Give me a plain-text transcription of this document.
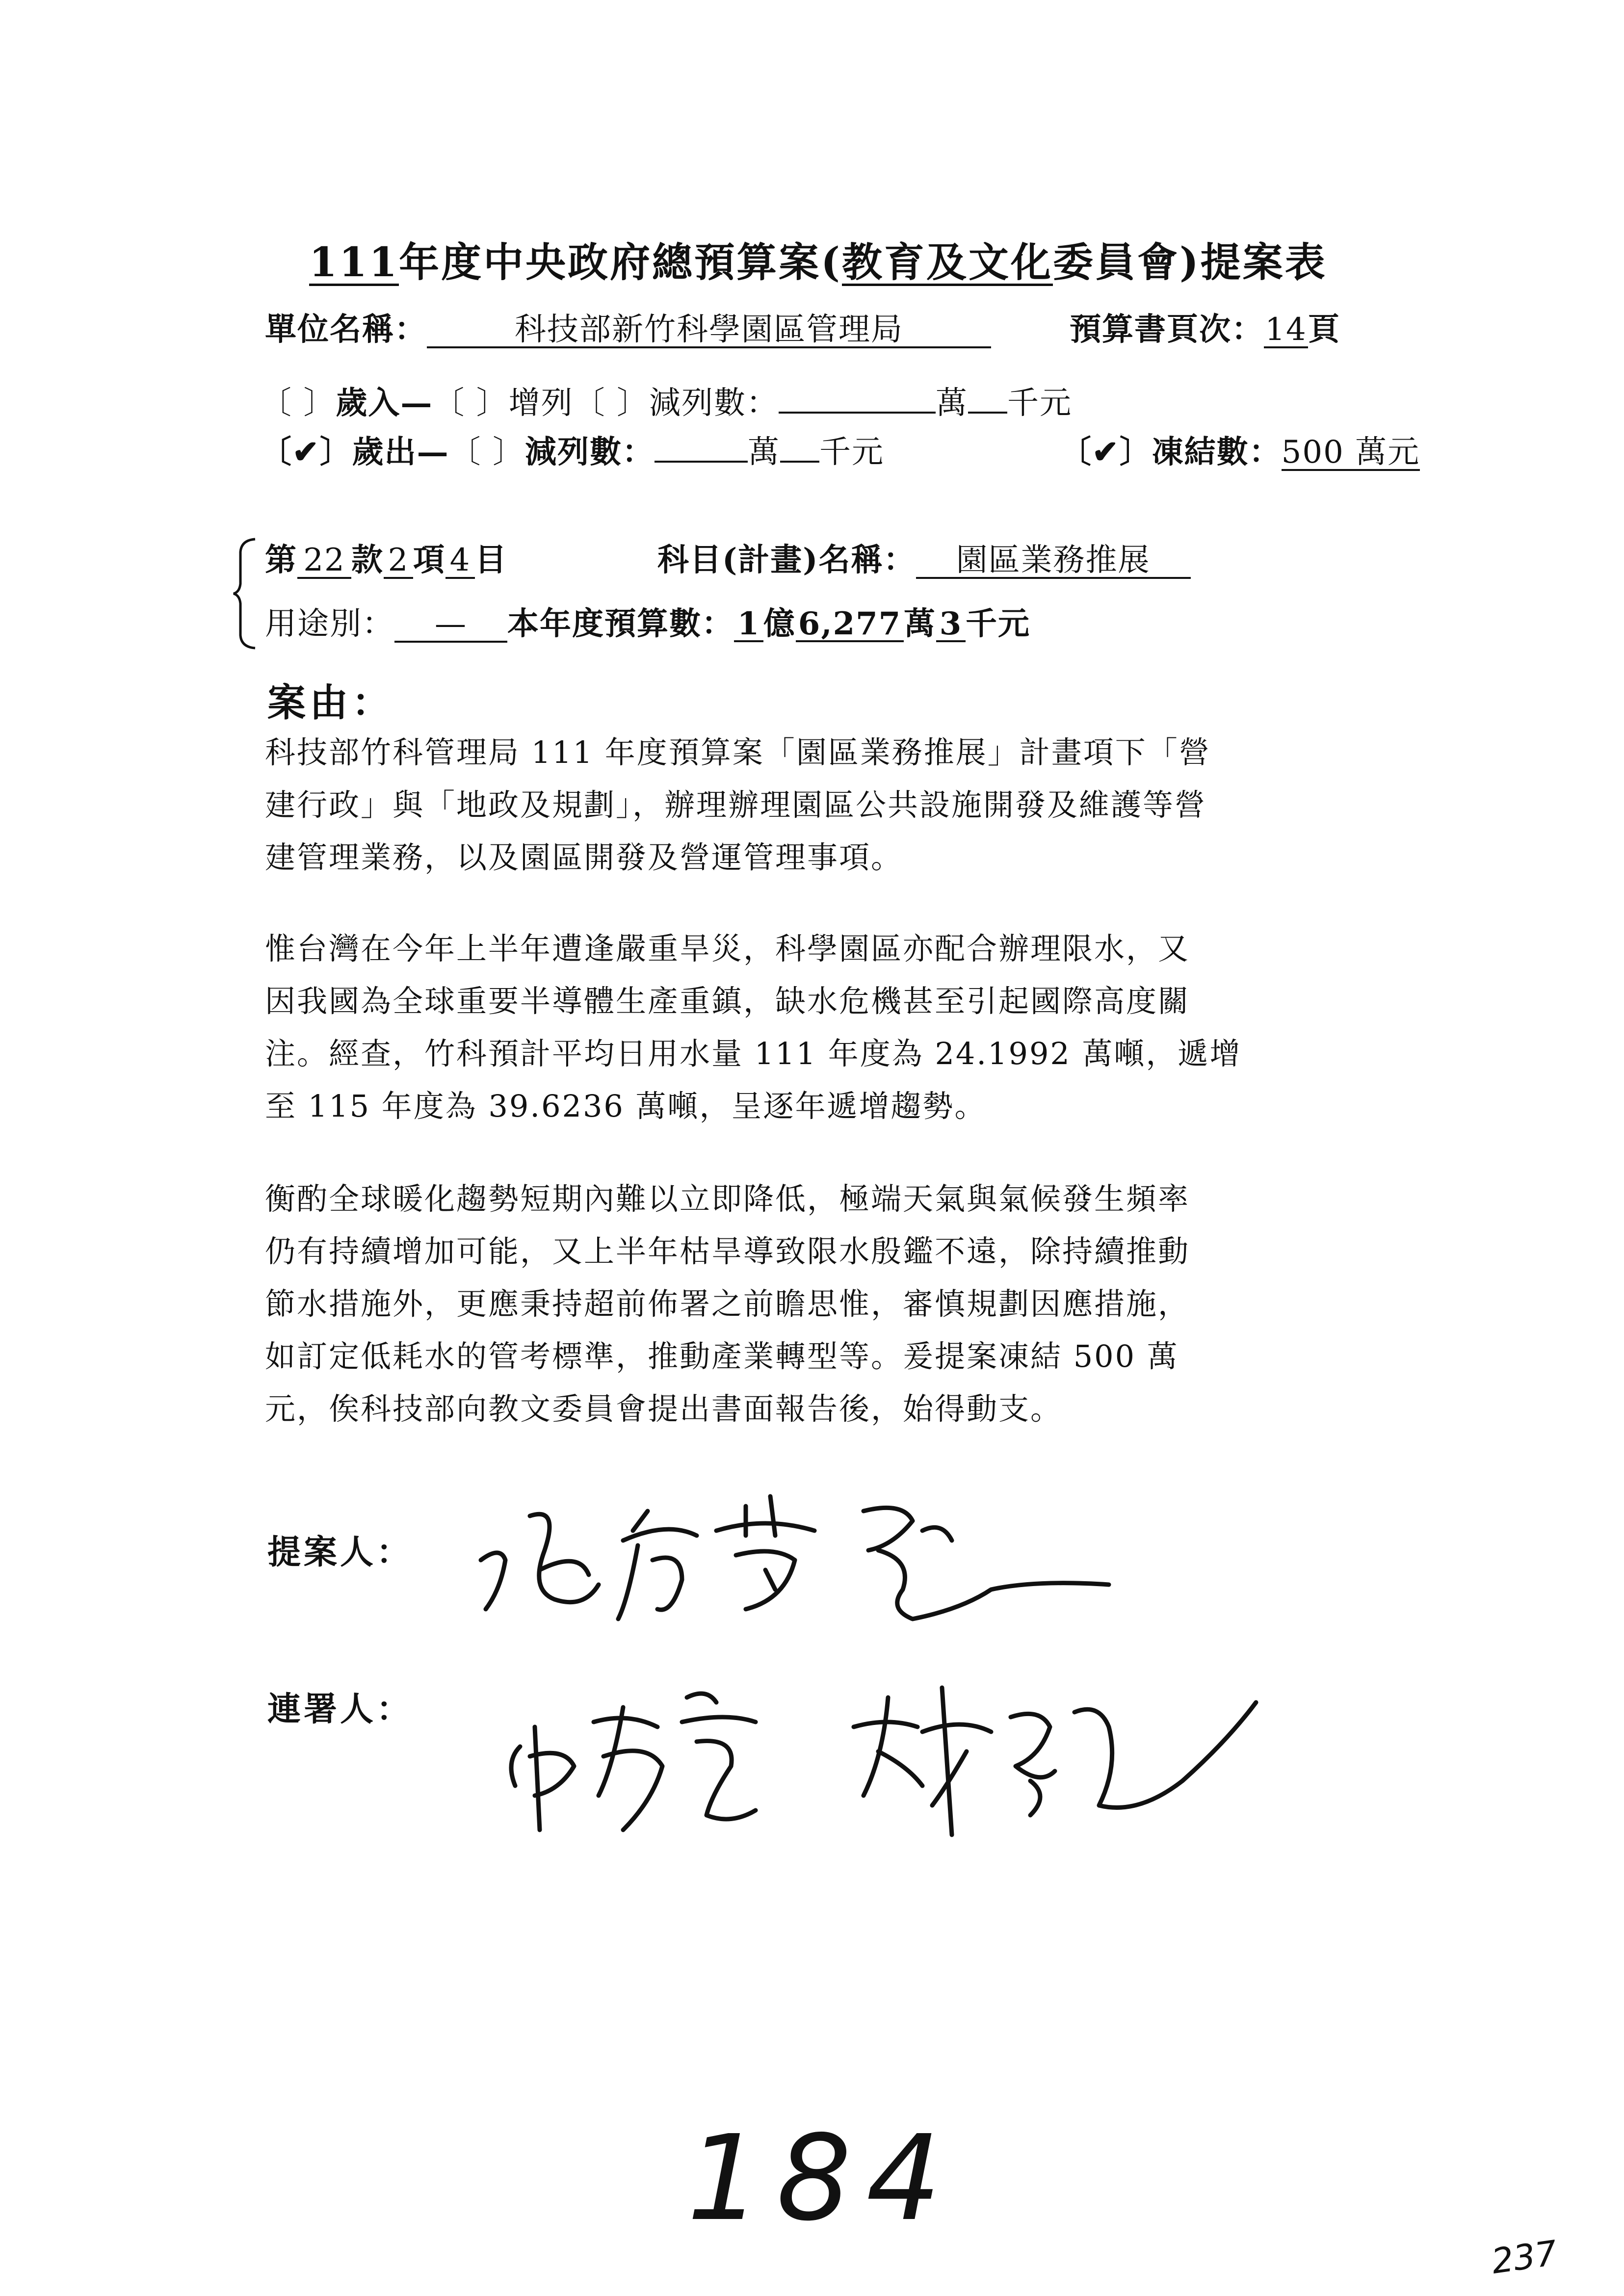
111年度中央政府總預算案(教育及文化委員會)提案表
單位名稱：	科技部新竹科學園區管理局	預算書頁次：14頁
〔 〕歲入—〔 〕增列〔 〕減列數：	萬 千元
〔✔〕歲出—〔 〕減列數：	萬 千元	〔✔〕凍結數：500 萬元
第 22 款 2 項 4 目	科目(計畫)名稱： 園區業務推展
用途別： — 本年度預算數： 1 億6,277萬 3 千元
案由：
科技部竹科管理局 111 年度預算案「園區業務推展」計畫項下「營
建行政」與「地政及規劃」，辦理辦理園區公共設施開發及維護等營
建管理業務，以及園區開發及營運管理事項。
惟台灣在今年上半年遭逢嚴重旱災，科學園區亦配合辦理限水，又
因我國為全球重要半導體生產重鎮，缺水危機甚至引起國際高度關
注。經查，竹科預計平均日用水量 111 年度為 24.1992 萬噸，遞增
至 115 年度為 39.6236 萬噸，呈逐年遞增趨勢。
衡酌全球暖化趨勢短期內難以立即降低，極端天氣與氣候發生頻率
仍有持續增加可能，又上半年枯旱導致限水殷鑑不遠，除持續推動
節水措施外，更應秉持超前佈署之前瞻思惟，審慎規劃因應措施，
如訂定低耗水的管考標準，推動產業轉型等。爰提案凍結 500 萬
元，俟科技部向教文委員會提出書面報告後，始得動支。
提案人：
連署人：
184
237
